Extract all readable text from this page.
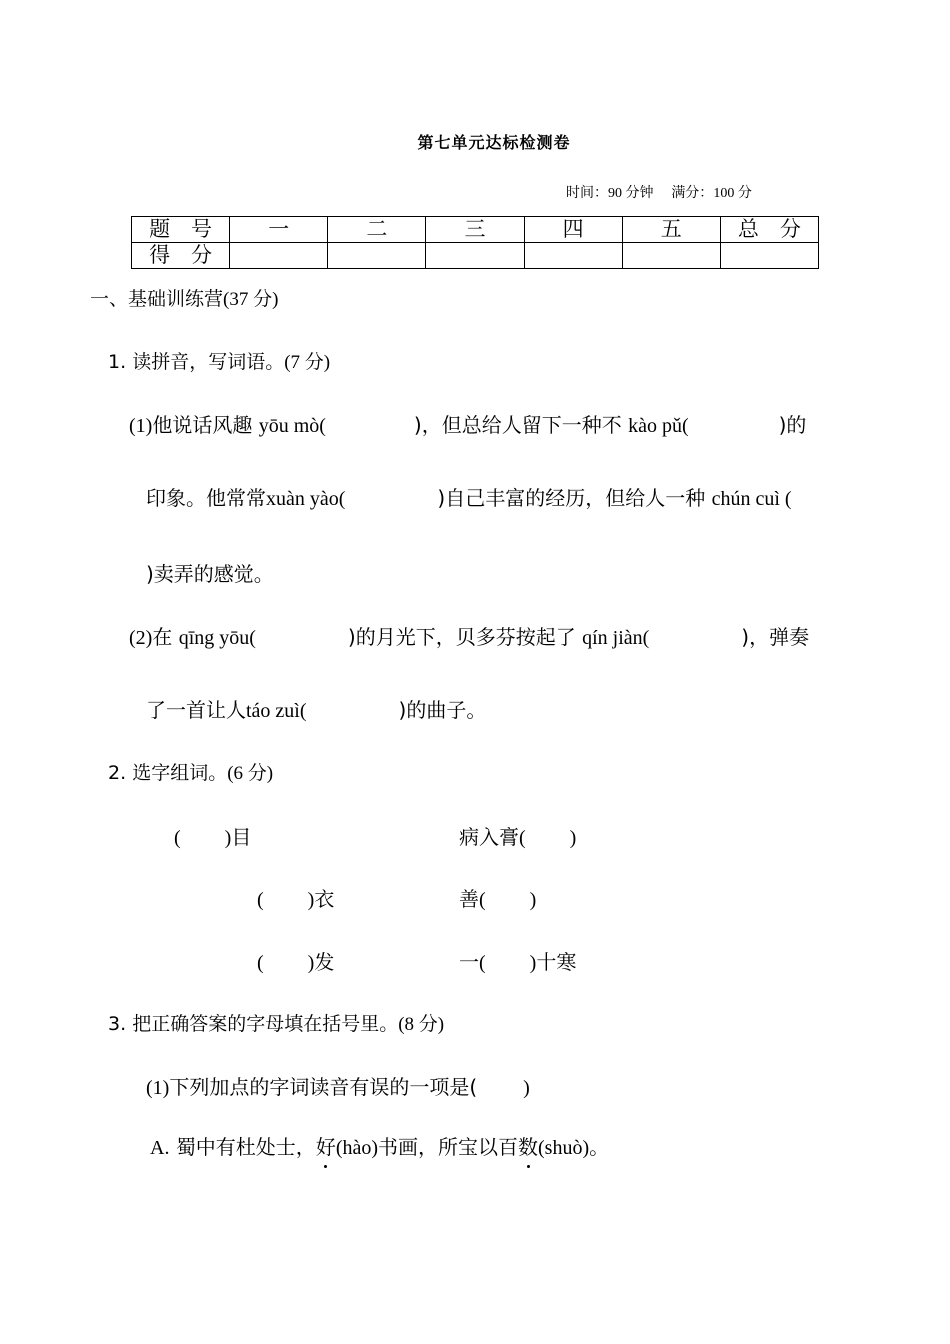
第七单元达标检测卷
时间：90 分钟 满分：100 分
题　号	一	二	三	四	五	总　分
得　分						
一、基础训练营(37 分)
1. 读拼音，写词语。(7 分)
(1)他说话风趣 yōu mò(	)，但总给人留下一种不 kào pǔ(	)的
印象。他常常xuàn yào(	)自己丰富的经历，但给人一种 chún cuì (
)卖弄的感觉。
(2)在 qīng yōu(	)的月光下，贝多芬按起了 qín jiàn(	)，弹奏
了一首让人táo zuì(	)的曲子。
2. 选字组词。(6 分)
( )目	病入膏( )
( )衣	善( )
( )发	一( )十寒
3. 把正确答案的字母填在括号里。(8 分)
(1)下列加点的字词读音有误的一项是( )
A. 蜀中有杜处士，好(hào)书画，所宝以百数(shuò)。
